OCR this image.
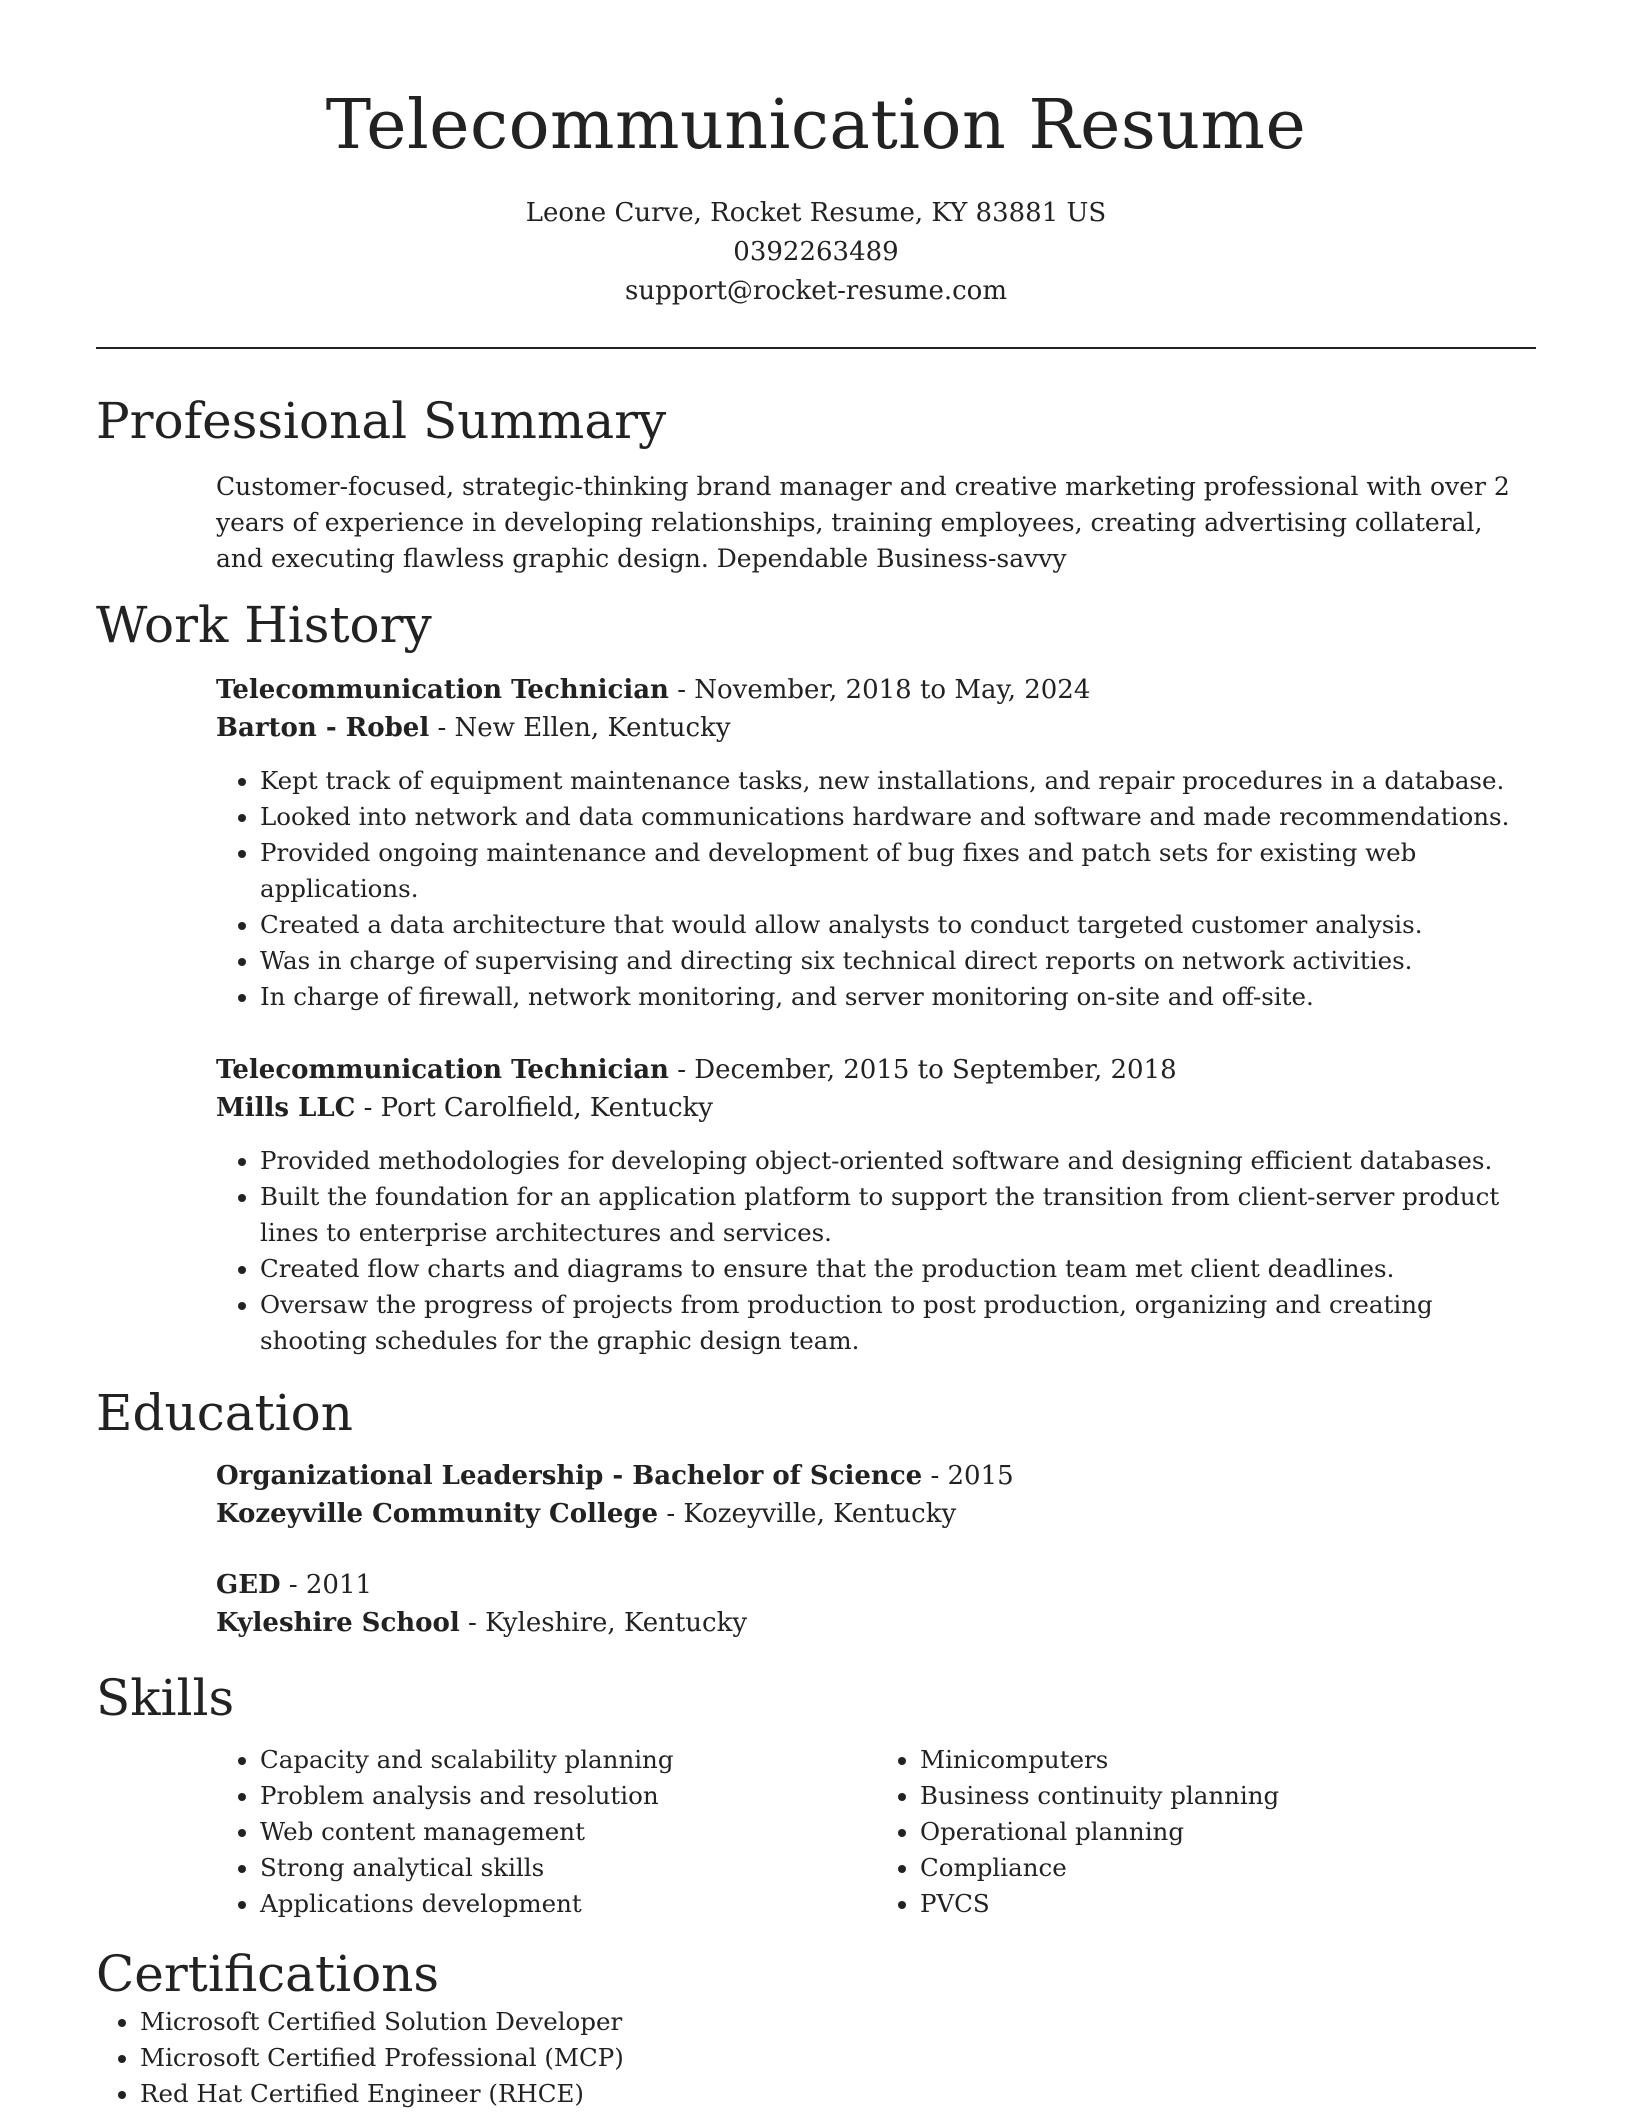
Telecommunication Resume
Leone Curve, Rocket Resume, KY 83881 US
0392263489
support@rocket-resume.com
Professional Summary
Customer-focused, strategic-thinking brand manager and creative marketing professional with over 2 years of experience in developing relationships, training employees, creating advertising collateral, and executing flawless graphic design. Dependable Business-savvy
Work History
Telecommunication Technician - November, 2018 to May, 2024
Barton - Robel - New Ellen, Kentucky
• Kept track of equipment maintenance tasks, new installations, and repair procedures in a database.
• Looked into network and data communications hardware and software and made recommendations.
• Provided ongoing maintenance and development of bug fixes and patch sets for existing web applications.
• Created a data architecture that would allow analysts to conduct targeted customer analysis.
• Was in charge of supervising and directing six technical direct reports on network activities.
• In charge of firewall, network monitoring, and server monitoring on-site and off-site.
Telecommunication Technician - December, 2015 to September, 2018
Mills LLC - Port Carolfield, Kentucky
• Provided methodologies for developing object-oriented software and designing efficient databases.
• Built the foundation for an application platform to support the transition from client-server product lines to enterprise architectures and services.
• Created flow charts and diagrams to ensure that the production team met client deadlines.
• Oversaw the progress of projects from production to post production, organizing and creating shooting schedules for the graphic design team.
Education
Organizational Leadership - Bachelor of Science - 2015
Kozeyville Community College - Kozeyville, Kentucky
GED - 2011
Kyleshire School - Kyleshire, Kentucky
Skills
• Capacity and scalability planning
• Problem analysis and resolution
• Web content management
• Strong analytical skills
• Applications development
• Minicomputers
• Business continuity planning
• Operational planning
• Compliance
• PVCS
Certifications
• Microsoft Certified Solution Developer
• Microsoft Certified Professional (MCP)
• Red Hat Certified Engineer (RHCE)
